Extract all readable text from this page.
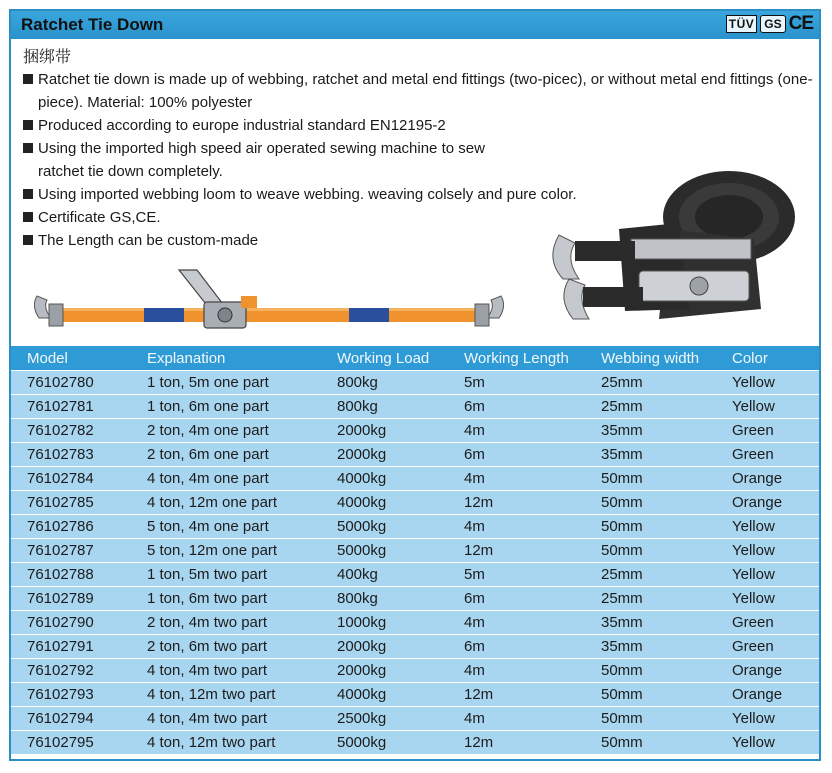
Ratchet Tie Down	TÜV GS CE
捆绑带
Ratchet tie down is made up of webbing, ratchet and metal end fittings (two-picec), or without metal end fittings (one-piece). Material: 100% polyester
Produced according to europe industrial standard EN12195-2
Using the imported high speed air operated sewing machine to sew ratchet tie down completely.
Using imported webbing loom to weave webbing. weaving colsely and pure color.
Certificate GS,CE.
The Length can be custom-made
Model	Explanation	Working Load	Working Length	Webbing width	Color
76102780	1 ton, 5m one part	800kg	5m	25mm	Yellow
76102781	1 ton, 6m one part	800kg	6m	25mm	Yellow
76102782	2 ton, 4m one part	2000kg	4m	35mm	Green
76102783	2 ton, 6m one part	2000kg	6m	35mm	Green
76102784	4 ton, 4m one part	4000kg	4m	50mm	Orange
76102785	4 ton, 12m one part	4000kg	12m	50mm	Orange
76102786	5 ton, 4m one part	5000kg	4m	50mm	Yellow
76102787	5 ton, 12m one part	5000kg	12m	50mm	Yellow
76102788	1 ton, 5m two part	400kg	5m	25mm	Yellow
76102789	1 ton, 6m two part	800kg	6m	25mm	Yellow
76102790	2 ton, 4m two part	1000kg	4m	35mm	Green
76102791	2 ton, 6m two part	2000kg	6m	35mm	Green
76102792	4 ton, 4m two part	2000kg	4m	50mm	Orange
76102793	4 ton, 12m two part	4000kg	12m	50mm	Orange
76102794	4 ton, 4m two part	2500kg	4m	50mm	Yellow
76102795	4 ton, 12m two part	5000kg	12m	50mm	Yellow
